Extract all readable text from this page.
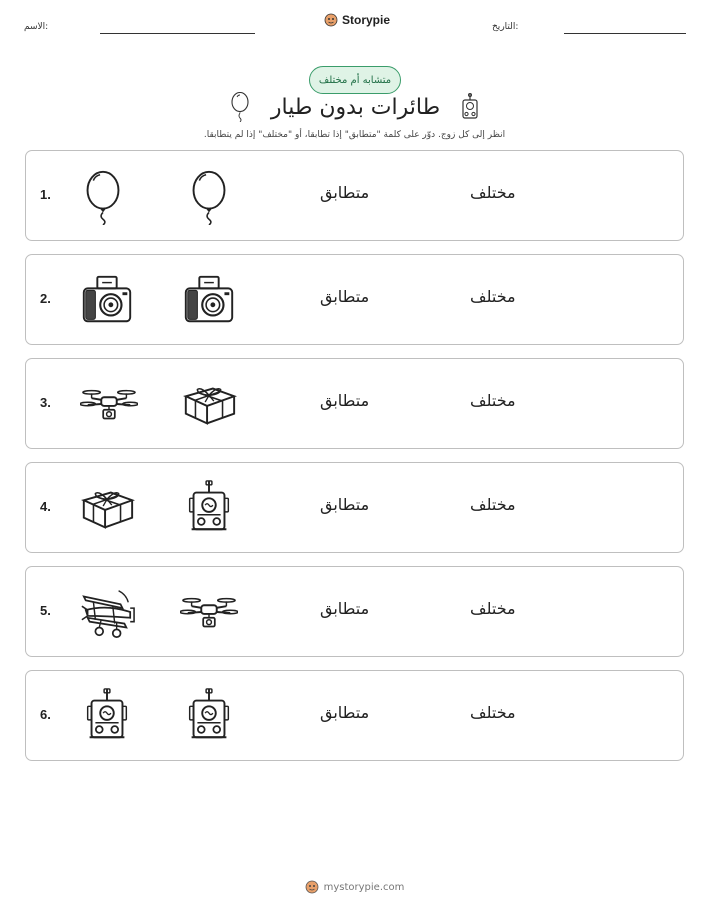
الاسم:	Storypie	التاريخ:
متشابه أم مختلف
طائرات بدون طيار
انظر إلى كل زوج. دوّر على كلمة "متطابق" إذا تطابقا، أو "مختلف" إذا لم يتطابقا.
1.	متطابق	مختلف
2.	متطابق	مختلف
3.	متطابق	مختلف
4.	متطابق	مختلف
5.	متطابق	مختلف
6.	متطابق	مختلف
mystorypie.com
